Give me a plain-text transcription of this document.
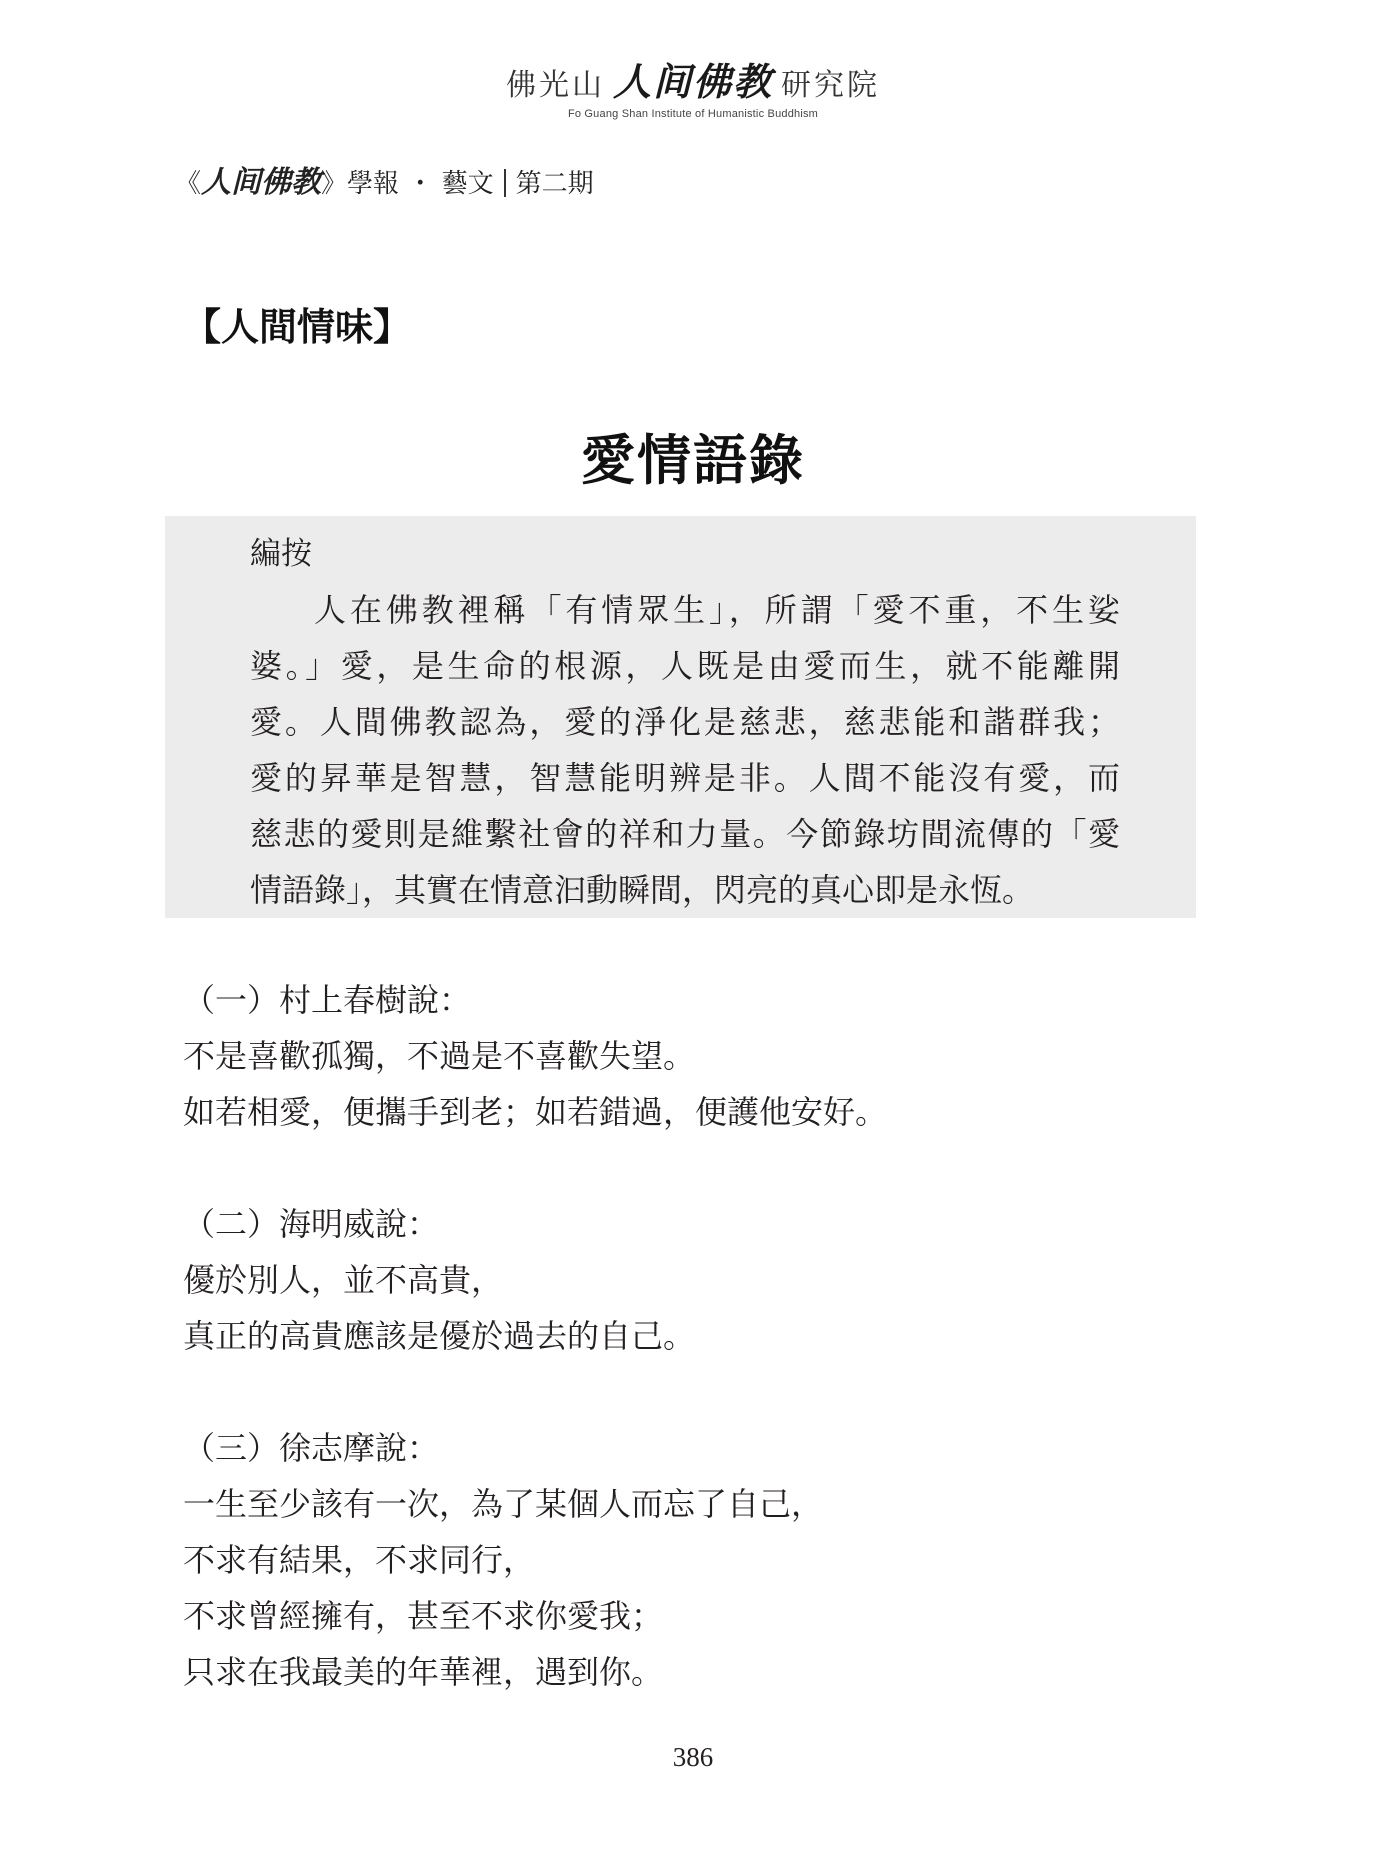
佛光山 人间佛教 研究院
Fo Guang Shan Institute of Humanistic Buddhism
《人间佛教》學報 ・ 藝文 第二期
【人間情味】
愛情語錄
編按

人在佛教裡稱「有情眾生」，所謂「愛不重，不生娑
婆。」愛，是生命的根源，人既是由愛而生，就不能離開
愛。人間佛教認為，愛的淨化是慈悲，慈悲能和諧群我；
愛的昇華是智慧，智慧能明辨是非。人間不能沒有愛，而
慈悲的愛則是維繫社會的祥和力量。今節錄坊間流傳的「愛
情語錄」，其實在情意汩動瞬間，閃亮的真心即是永恆。

（一）村上春樹說：
不是喜歡孤獨，不過是不喜歡失望。
如若相愛，便攜手到老；如若錯過，便護他安好。
（二）海明威說：
優於別人，並不高貴，
真正的高貴應該是優於過去的自己。
（三）徐志摩說：
一生至少該有一次，為了某個人而忘了自己，
不求有結果，不求同行，
不求曾經擁有，甚至不求你愛我；
只求在我最美的年華裡，遇到你。
386
